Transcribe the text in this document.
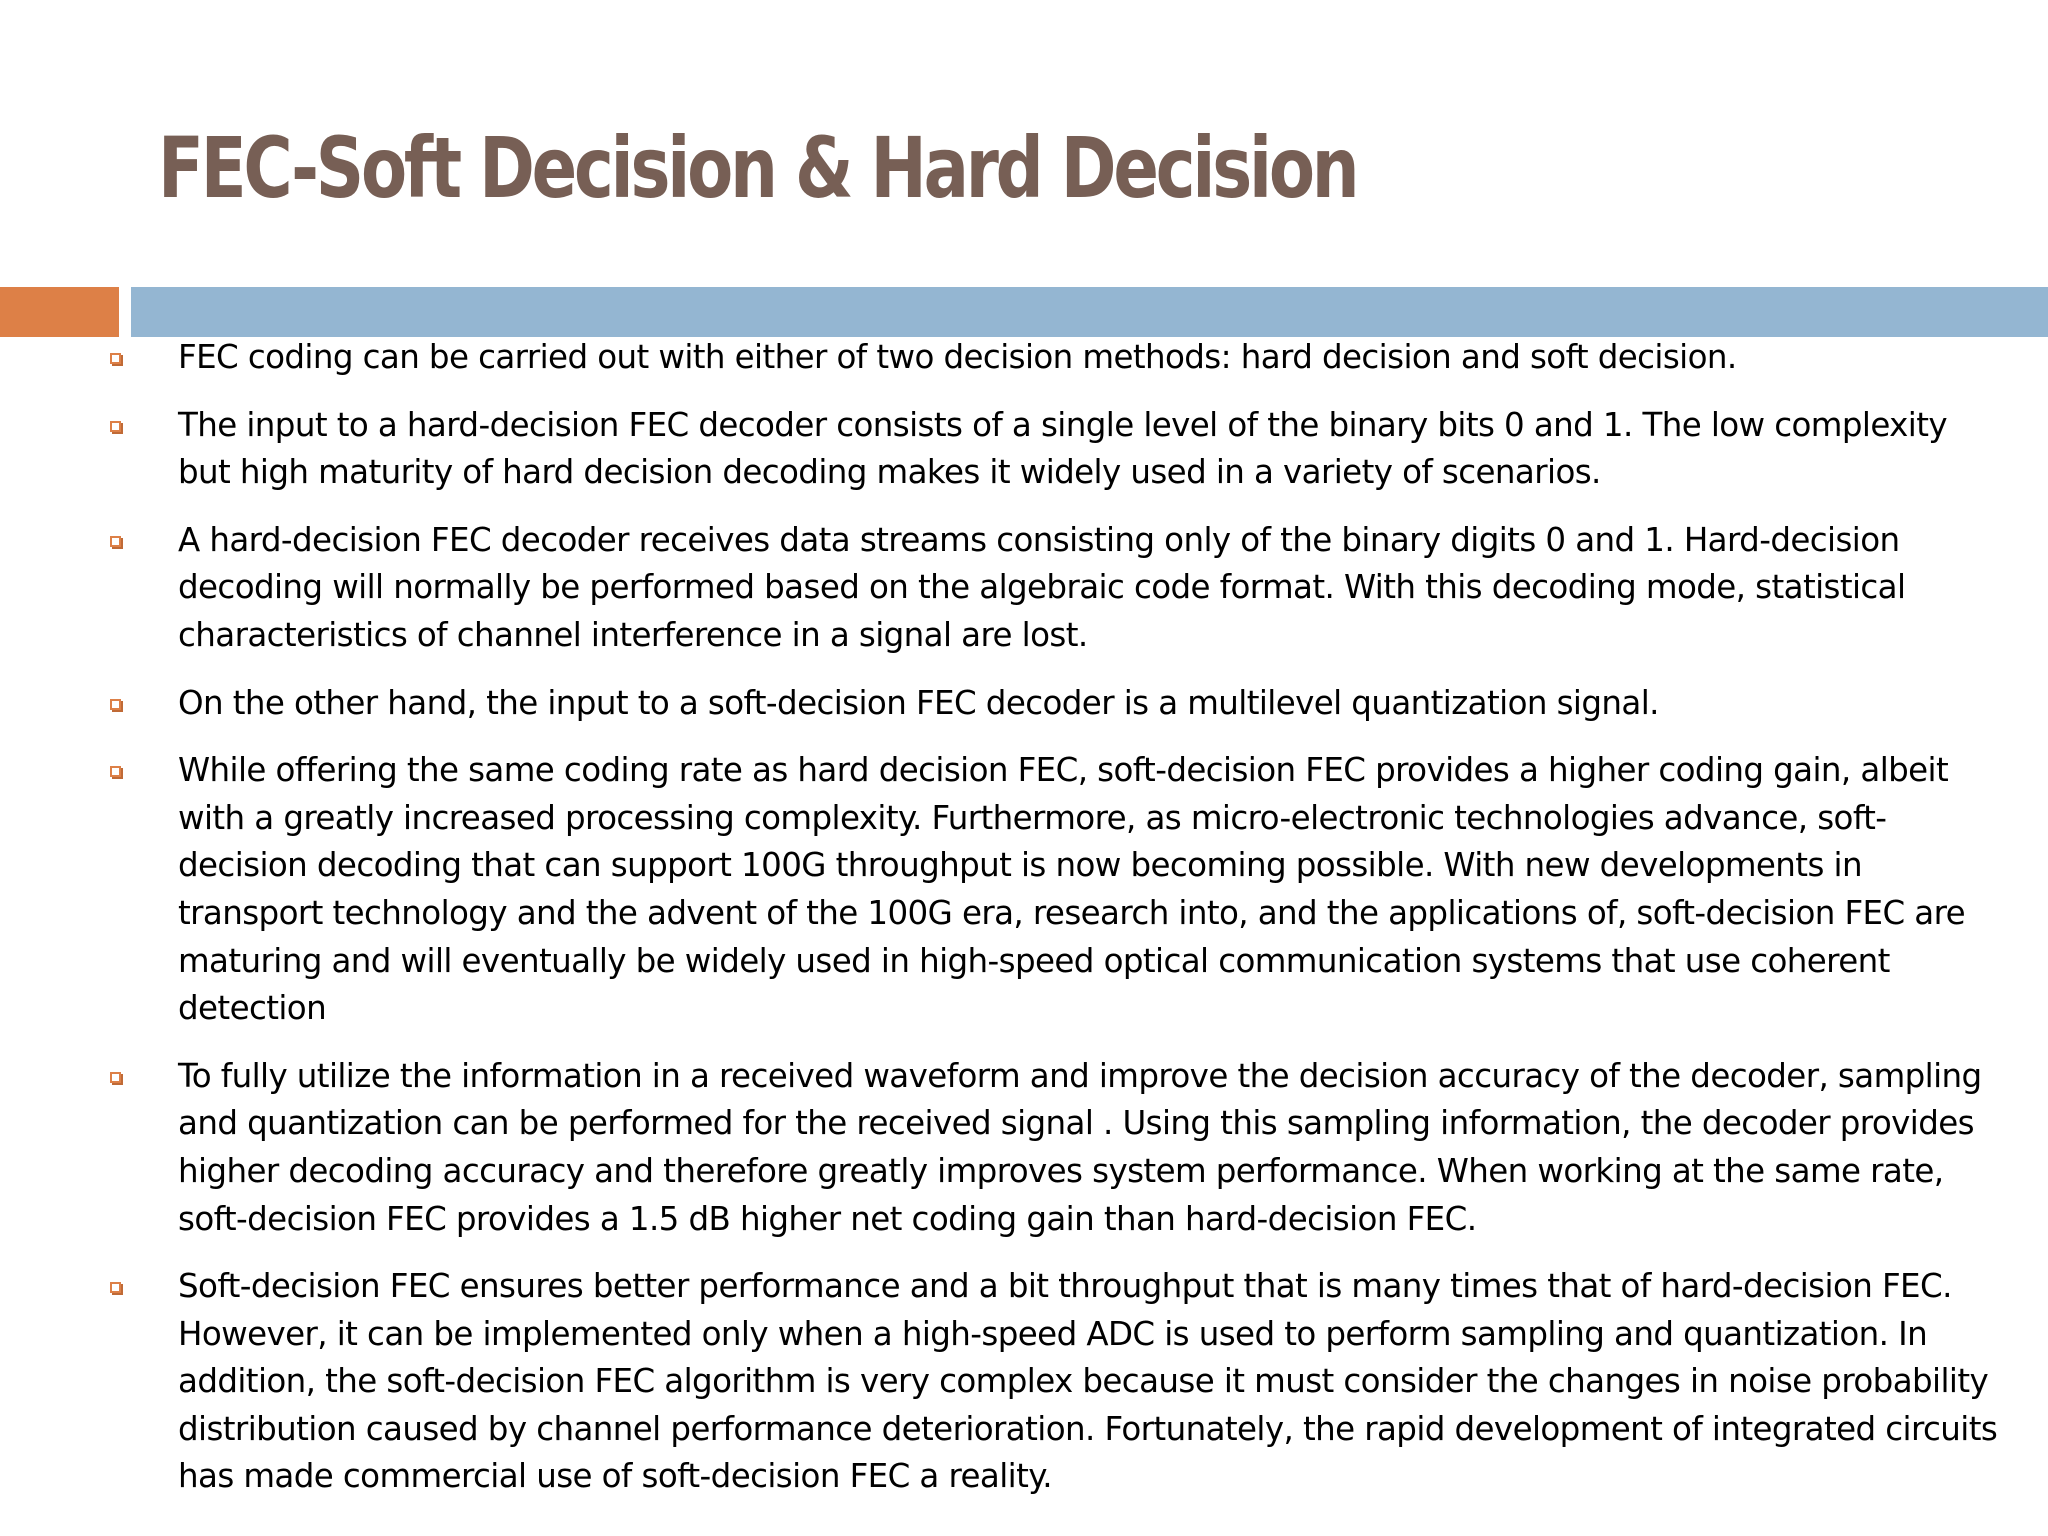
FEC-Soft Decision & Hard Decision
FEC coding can be carried out with either of two decision methods: hard decision and soft decision.
The input to a hard-decision FEC decoder consists of a single level of the binary bits 0 and 1. The low complexity but high maturity of hard decision decoding makes it widely used in a variety of scenarios.
A hard-decision FEC decoder receives data streams consisting only of the binary digits 0 and 1. Hard-decision decoding will normally be performed based on the algebraic code format. With this decoding mode, statistical characteristics of channel interference in a signal are lost.
On the other hand, the input to a soft-decision FEC decoder is a multilevel quantization signal.
While offering the same coding rate as hard decision FEC, soft-decision FEC provides a higher coding gain, albeit with a greatly increased processing complexity. Furthermore, as micro-electronic technologies advance, soft-decision decoding that can support 100G throughput is now becoming possible. With new developments in transport technology and the advent of the 100G era, research into, and the applications of, soft-decision FEC are maturing and will eventually be widely used in high-speed optical communication systems that use coherent detection
To fully utilize the information in a received waveform and improve the decision accuracy of the decoder, sampling and quantization can be performed for the received signal . Using this sampling information, the decoder provides higher decoding accuracy and therefore greatly improves system performance. When working at the same rate, soft-decision FEC provides a 1.5 dB higher net coding gain than hard-decision FEC.
Soft-decision FEC ensures better performance and a bit throughput that is many times that of hard-decision FEC. However, it can be implemented only when a high-speed ADC is used to perform sampling and quantization. In addition, the soft-decision FEC algorithm is very complex because it must consider the changes in noise probability distribution caused by channel performance deterioration. Fortunately, the rapid development of integrated circuits has made commercial use of soft-decision FEC a reality.
